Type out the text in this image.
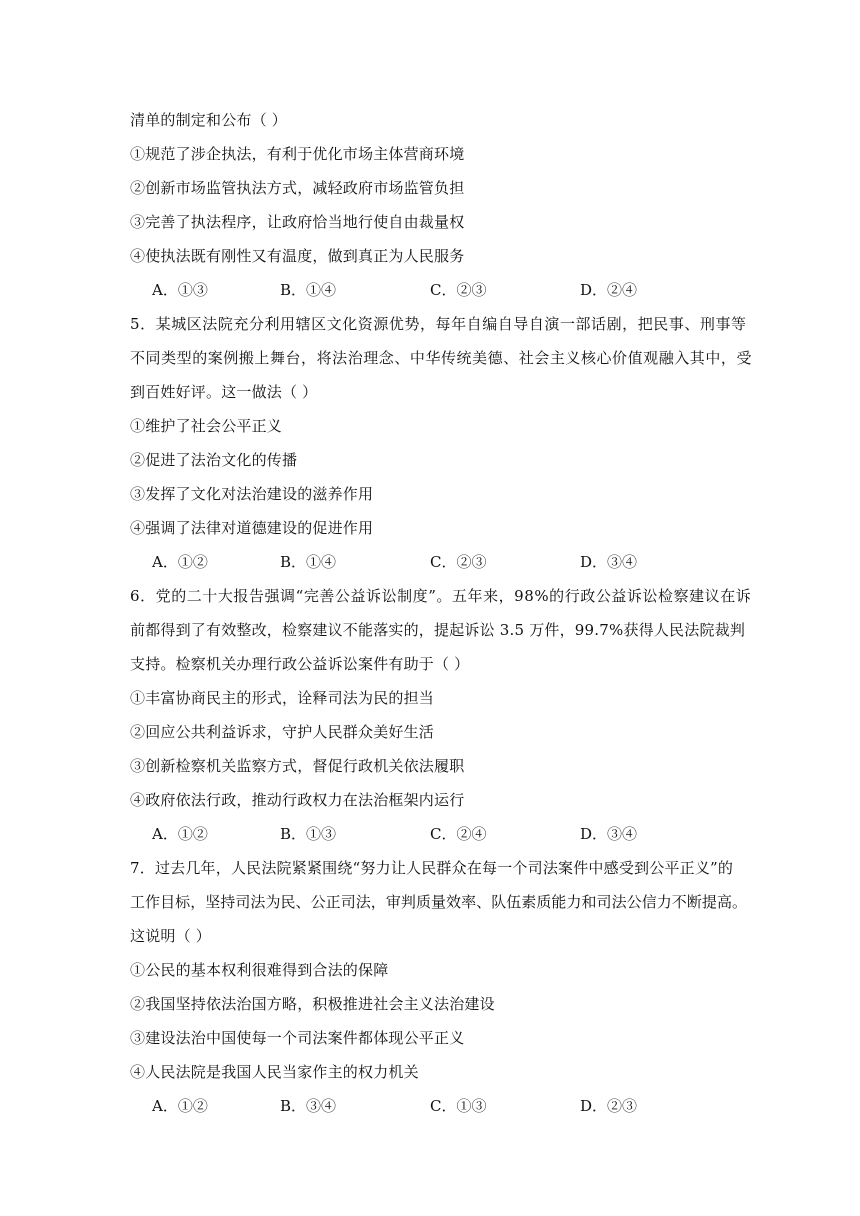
清单的制定和公布（ ）
①规范了涉企执法，有利于优化市场主体营商环境
②创新市场监管执法方式，减轻政府市场监管负担
③完善了执法程序，让政府恰当地行使自由裁量权
④使执法既有刚性又有温度，做到真正为人民服务
A．①③	B．①④	C．②③	D．②④
5．某城区法院充分利用辖区文化资源优势，每年自编自导自演一部话剧，把民事、刑事等
不同类型的案例搬上舞台，将法治理念、中华传统美德、社会主义核心价值观融入其中，受
到百姓好评。这一做法（ ）
①维护了社会公平正义
②促进了法治文化的传播
③发挥了文化对法治建设的滋养作用
④强调了法律对道德建设的促进作用
A．①②	B．①④	C．②③	D．③④
6．党的二十大报告强调“完善公益诉讼制度”。五年来，98%的行政公益诉讼检察建议在诉
前都得到了有效整改，检察建议不能落实的，提起诉讼 3.5 万件，99.7%获得人民法院裁判
支持。检察机关办理行政公益诉讼案件有助于（ ）
①丰富协商民主的形式，诠释司法为民的担当
②回应公共利益诉求，守护人民群众美好生活
③创新检察机关监察方式，督促行政机关依法履职
④政府依法行政，推动行政权力在法治框架内运行
A．①②	B．①③	C．②④	D．③④
7．过去几年，人民法院紧紧围绕“努力让人民群众在每一个司法案件中感受到公平正义”的
工作目标，坚持司法为民、公正司法，审判质量效率、队伍素质能力和司法公信力不断提高。
这说明（ ）
①公民的基本权利很难得到合法的保障
②我国坚持依法治国方略，积极推进社会主义法治建设
③建设法治中国使每一个司法案件都体现公平正义
④人民法院是我国人民当家作主的权力机关
A．①②	B．③④	C．①③	D．②③
